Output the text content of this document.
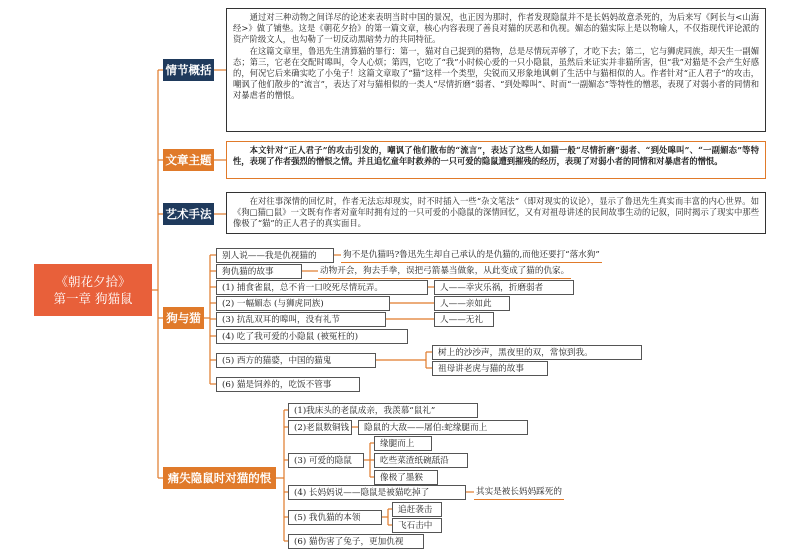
《朝花夕拾》
第一章 狗猫鼠
情节概括
文章主题
艺术手法
狗与猫
痛失隐鼠时对猫的恨

通过对三种动物之间详尽的论述来表明当时中国的景况，也正因为那时，作者发现隐鼠并不是长妈妈故意杀死的，为后来写《阿长与<山海经>》做了铺垫。这是《朝花夕拾》的第一篇文章，核心内容表现了善良对猫的厌恶和仇视。媚态的猫实际上是以物喻人，不仅指现代评论派的资产阶级文人，也勾勒了一切反动黑暗势力的共同特征。

在这篇文章里，鲁迅先生清算猫的罪行：第一，猫对自己捉到的猎物，总是尽情玩弄够了，才吃下去；第二，它与狮虎同族，却天生一副媚态；第三，它老在交配时嗥叫，令人心烦；第四，它吃了“我”小时候心爱的一只小隐鼠，虽然后来证实并非猫所害，但“我”对猫是不会产生好感的，何况它后来确实吃了小兔子！这篇文章取了“猫”这样一个类型，尖锐而又形象地讽刺了生活中与猫相似的人。作者针对“正人君子”的攻击，嘲讽了他们散步的“流言”，表达了对与猫相似的一类人“尽情折磨”弱者、“到处嗥叫”、时而“一副媚态”等特性的憎恶，表现了对弱小者的同情和对暴虐者的憎恨。

本文针对“正人君子”的攻击引发的，嘲讽了他们散布的“流言”，表达了这些人如猫一般“尽情折磨”弱者、“到处嗥叫”、“一副媚态”等特性，表现了作者强烈的憎恨之情。并且追忆童年时救养的一只可爱的隐鼠遭到摧残的经历，表现了对弱小者的同情和对暴虐者的憎恨。

在对往事深情的回忆时，作者无法忘却现实，时不时插入一些“杂文笔法”（即对现实的议论），显示了鲁迅先生真实而丰富的内心世界。如《狗□猫□鼠》一文既有作者对童年时拥有过的一只可爱的小隐鼠的深情回忆，又有对祖母讲述的民间故事生动的记叙，同时揭示了现实中那些像极了“猫”的正人君子的真实面目。

别人说——我是仇视猫的	狗不是仇猫吗?鲁迅先生却自己承认的是仇猫的,而他还要打“落水狗”
狗仇猫的故事	动物开会，狗去手拳，误把弓箭暴当做象，从此变成了猫的仇家。
(1) 捕食雀鼠，总不肯一口咬死尽情玩弄。	人——幸灾乐祸，折磨弱者
(2) 一幅媚态 (与狮虎同族)	人——亲如此
(3) 抗乱双耳的嗥叫，没有礼节	人——无礼
(4) 吃了我可爱的小隐鼠 (被冤枉的)
(5) 西方的猫婆，中国的猫鬼
树上的沙沙声，黑夜里的双，常惊到我。
祖母讲老虎与猫的故事
(6) 猫是饲养的，吃饭不管事
(1)我床头的老鼠成亲，我羡慕“鼠礼”
(2)老鼠数铜钱	隐鼠的大敌——屠伯:蛇缘腿而上
(3) 可爱的隐鼠
缘腿而上
吃些菜渣纸碗舐沿
像极了墨猴
(4) 长妈妈说——隐鼠是被猫吃掉了	其实是被长妈妈踩死的
(5) 我仇猫的本领
追赶袭击
飞石击中
(6) 猫伤害了兔子，更加仇视
